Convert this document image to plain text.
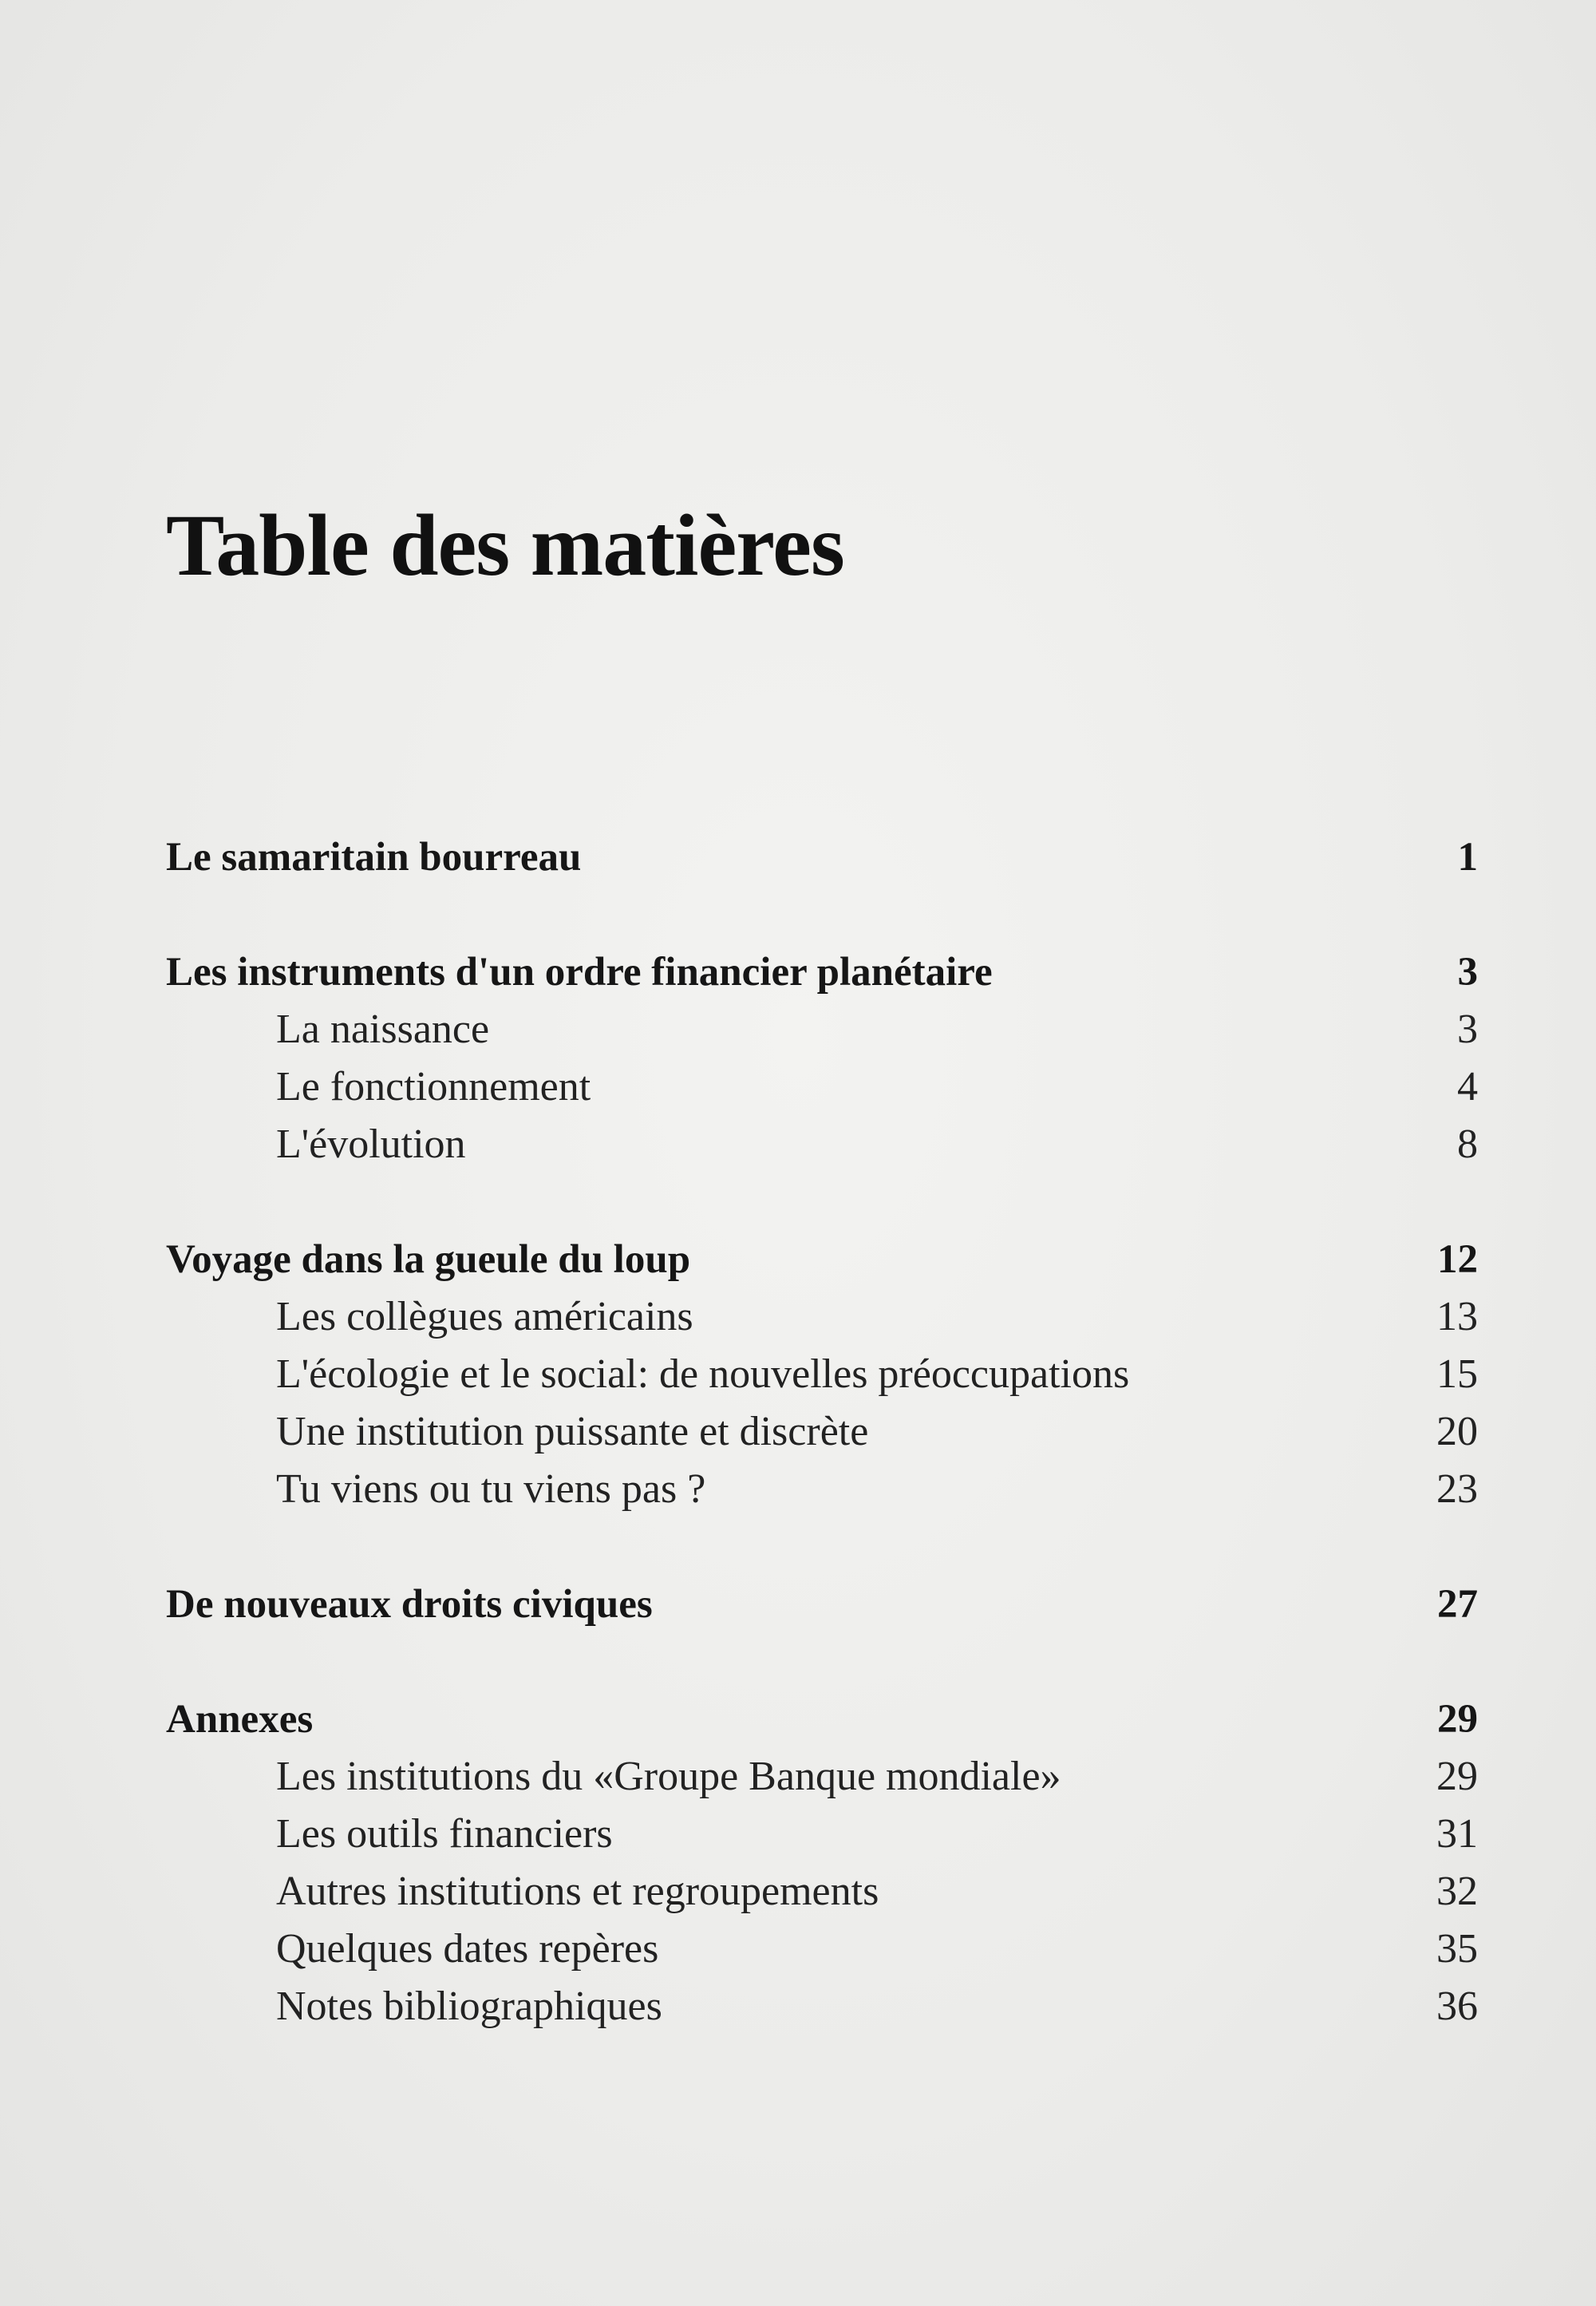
Table des matières
Le samaritain bourreau	1
Les instruments d'un ordre financier planétaire	3
La naissance	3
Le fonctionnement	4
L'évolution	8
Voyage dans la gueule du loup	12
Les collègues américains	13
L'écologie et le social: de nouvelles préoccupations	15
Une institution puissante et discrète	20
Tu viens ou tu viens pas ?	23
De nouveaux droits civiques	27
Annexes	29
Les institutions du «Groupe Banque mondiale»	29
Les outils financiers	31
Autres institutions et regroupements	32
Quelques dates repères	35
Notes bibliographiques	36
